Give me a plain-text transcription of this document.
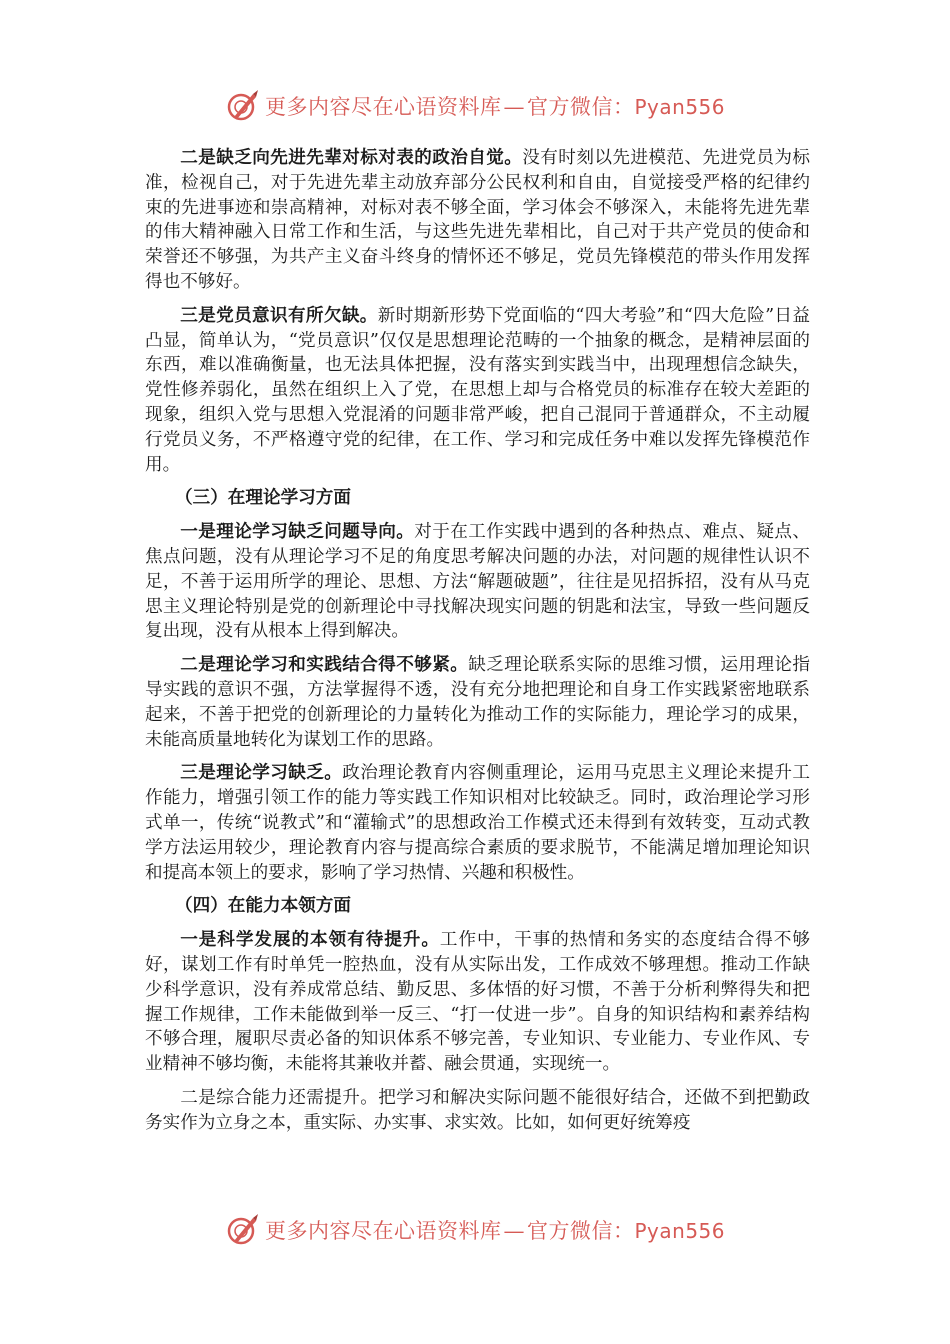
更多内容尽在心语资料库—官方微信：Pyan556

二是缺乏向先进先辈对标对表的政治自觉。没有时刻以先进模范、先进党员为标准，检视自己，对于先进先辈主动放弃部分公民权利和自由，自觉接受严格的纪律约束的先进事迹和崇高精神，对标对表不够全面，学习体会不够深入，未能将先进先辈的伟大精神融入日常工作和生活，与这些先进先辈相比，自己对于共产党员的使命和荣誉还不够强，为共产主义奋斗终身的情怀还不够足，党员先锋模范的带头作用发挥得也不够好。

三是党员意识有所欠缺。新时期新形势下党面临的“四大考验”和“四大危险”日益凸显，简单认为，“党员意识”仅仅是思想理论范畴的一个抽象的概念，是精神层面的东西，难以准确衡量，也无法具体把握，没有落实到实践当中，出现理想信念缺失，党性修养弱化，虽然在组织上入了党，在思想上却与合格党员的标准存在较大差距的现象，组织入党与思想入党混淆的问题非常严峻，把自己混同于普通群众，不主动履行党员义务，不严格遵守党的纪律，在工作、学习和完成任务中难以发挥先锋模范作用。

（三）在理论学习方面

一是理论学习缺乏问题导向。对于在工作实践中遇到的各种热点、难点、疑点、焦点问题，没有从理论学习不足的角度思考解决问题的办法，对问题的规律性认识不足，不善于运用所学的理论、思想、方法“解题破题”，往往是见招拆招，没有从马克思主义理论特别是党的创新理论中寻找解决现实问题的钥匙和法宝，导致一些问题反复出现，没有从根本上得到解决。

二是理论学习和实践结合得不够紧。缺乏理论联系实际的思维习惯，运用理论指导实践的意识不强，方法掌握得不透，没有充分地把理论和自身工作实践紧密地联系起来，不善于把党的创新理论的力量转化为推动工作的实际能力，理论学习的成果，未能高质量地转化为谋划工作的思路。

三是理论学习缺乏。政治理论教育内容侧重理论，运用马克思主义理论来提升工作能力，增强引领工作的能力等实践工作知识相对比较缺乏。同时，政治理论学习形式单一，传统“说教式”和“灌输式”的思想政治工作模式还未得到有效转变，互动式教学方法运用较少，理论教育内容与提高综合素质的要求脱节，不能满足增加理论知识和提高本领上的要求，影响了学习热情、兴趣和积极性。

（四）在能力本领方面

一是科学发展的本领有待提升。工作中，干事的热情和务实的态度结合得不够好，谋划工作有时单凭一腔热血，没有从实际出发，工作成效不够理想。推动工作缺少科学意识，没有养成常总结、勤反思、多体悟的好习惯，不善于分析利弊得失和把握工作规律，工作未能做到举一反三、“打一仗进一步”。自身的知识结构和素养结构不够合理，履职尽责必备的知识体系不够完善，专业知识、专业能力、专业作风、专业精神不够均衡，未能将其兼收并蓄、融会贯通，实现统一。

二是综合能力还需提升。把学习和解决实际问题不能很好结合，还做不到把勤政务实作为立身之本，重实际、办实事、求实效。比如，如何更好统筹疫

更多内容尽在心语资料库—官方微信：Pyan556
